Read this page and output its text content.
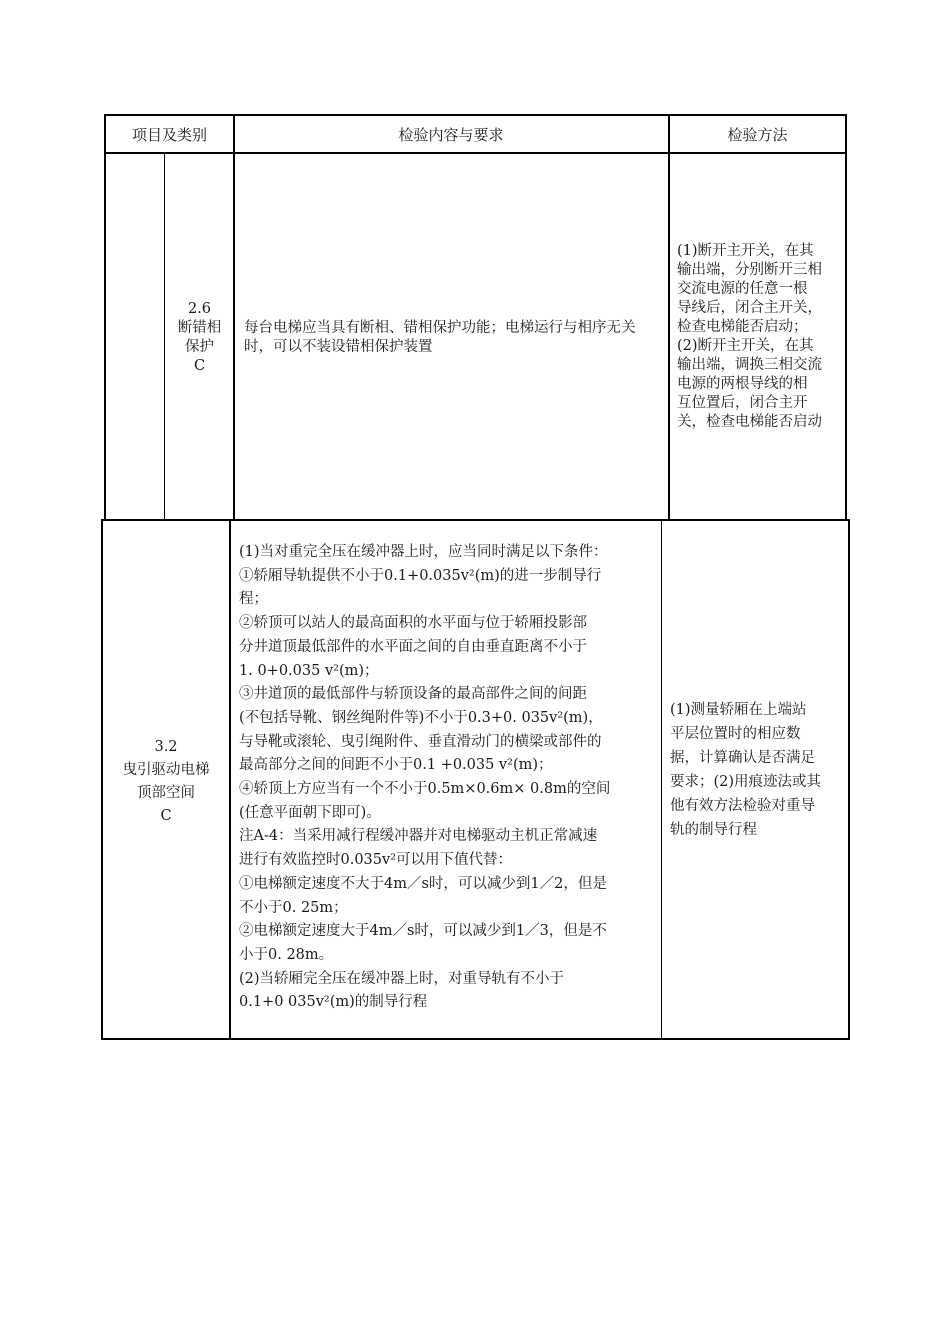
项目及类别	检验内容与要求	检验方法
2.6
断错相
保护
C
每台电梯应当具有断相、错相保护功能；电梯运行与相序无关时，可以不装设错相保护装置
(1)断开主开关，在其
输出端，分别断开三相
交流电源的任意一根
导线后，闭合主开关，
检查电梯能否启动；
(2)断开主开关，在其
输出端，调换三相交流
电源的两根导线的相
互位置后，闭合主开
关，检查电梯能否启动
3.2
曳引驱动电梯
顶部空间
C
(1)当对重完全压在缓冲器上时，应当同时满足以下条件：
①轿厢导轨提供不小于0.1+0.035v²(m)的进一步制导行
程；
②轿顶可以站人的最高面积的水平面与位于轿厢投影部
分井道顶最低部件的水平面之间的自由垂直距离不小于
1. 0+0.035 v²(m)；
③井道顶的最低部件与轿顶设备的最高部件之间的间距
(不包括导靴、钢丝绳附件等)不小于0.3+0. 035v²(m)，
与导靴或滚轮、曳引绳附件、垂直滑动门的横梁或部件的
最高部分之间的间距不小于0.1 +0.035 v²(m)；
④轿顶上方应当有一个不小于0.5m×0.6m× 0.8m的空间
(任意平面朝下即可)。
注A-4：当采用减行程缓冲器并对电梯驱动主机正常减速
进行有效监控时0.035v²可以用下值代替：
①电梯额定速度不大于4m／s时，可以减少到1／2，但是
不小于0. 25m；
②电梯额定速度大于4m／s时，可以减少到1／3，但是不
小于0. 28m。
(2)当轿厢完全压在缓冲器上时，对重导轨有不小于
0.1+0 035v²(m)的制导行程
(1)测量轿厢在上端站
平层位置时的相应数
据，计算确认是否满足
要求；(2)用痕迹法或其
他有效方法检验对重导
轨的制导行程
